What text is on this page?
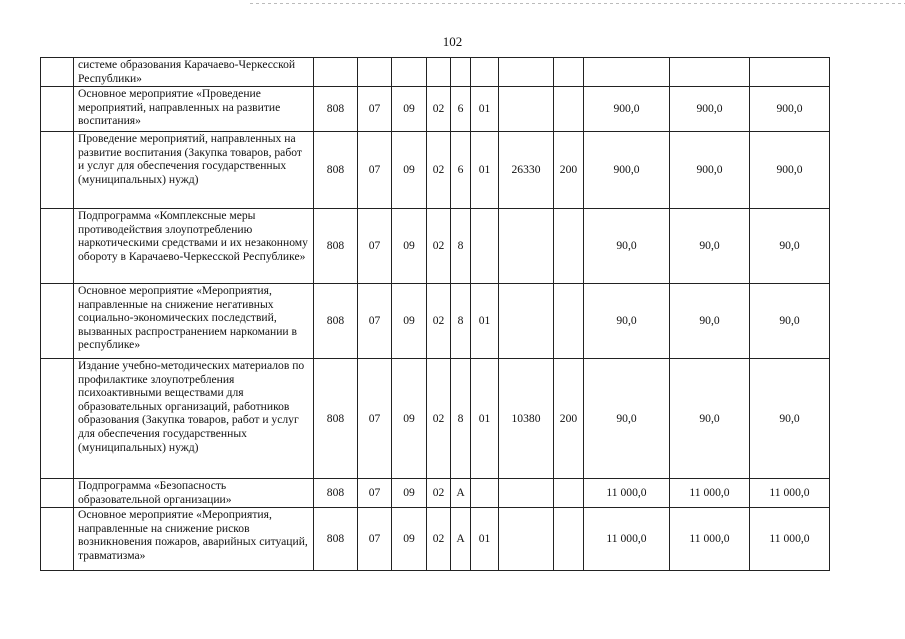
102
	системе образования Карачаево-Черкесской Республики»											
	Основное мероприятие «Проведение мероприятий, направленных на развитие воспитания»	808	07	09	02	6	01			900,0	900,0	900,0
	Проведение мероприятий, направленных на развитие воспитания (Закупка товаров, работ и услуг для обеспечения государственных (муниципальных) нужд)	808	07	09	02	6	01	26330	200	900,0	900,0	900,0
	Подпрограмма «Комплексные меры противодействия злоупотреблению наркотическими средствами и их незаконному обороту в Карачаево-Черкесской Республике»	808	07	09	02	8				90,0	90,0	90,0
	Основное мероприятие «Мероприятия, направленные на снижение негативных социально-экономических последствий, вызванных распространением наркомании в республике»	808	07	09	02	8	01			90,0	90,0	90,0
	Издание учебно-методических материалов по профилактике злоупотребления психоактивными веществами для образовательных организаций, работников образования (Закупка товаров, работ и услуг для обеспечения государственных (муниципальных) нужд)	808	07	09	02	8	01	10380	200	90,0	90,0	90,0
	Подпрограмма «Безопасность образовательной организации»	808	07	09	02	А				11 000,0	11 000,0	11 000,0
	Основное мероприятие «Мероприятия, направленные на снижение рисков возникновения пожаров, аварийных ситуаций, травматизма»	808	07	09	02	А	01			11 000,0	11 000,0	11 000,0
